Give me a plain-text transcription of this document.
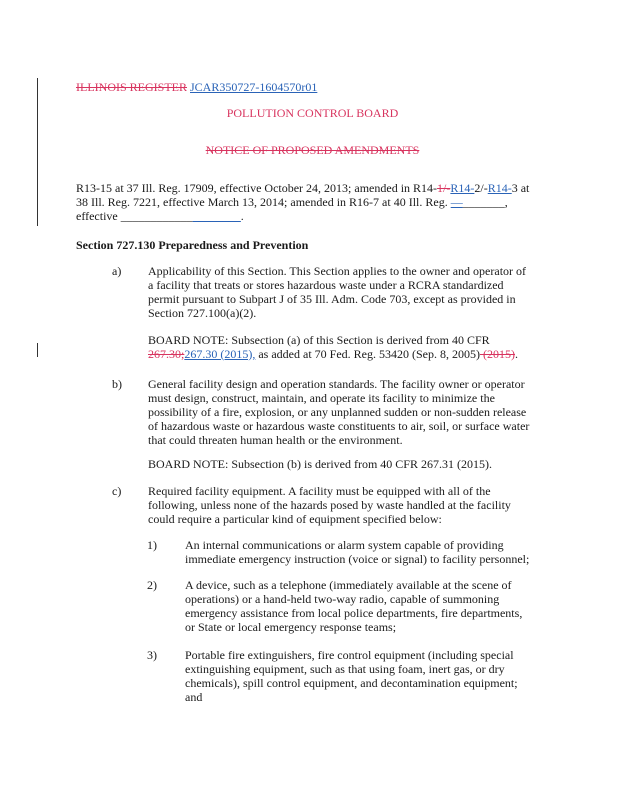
ILLINOIS REGISTER JCAR350727-1604570r01
POLLUTION CONTROL BOARD
NOTICE OF PROPOSED AMENDMENTS

R13-15 at 37 Ill. Reg. 17909, effective October 24, 2013; amended in R14-1/-R14-2/-R14-3 at

38 Ill. Reg. 7221, effective March 13, 2014; amended in R16-7 at 40 Ill. Reg. —_______,

effective ____________________.

Section 727.130 Preparedness and Prevention
a) Applicability of this Section. This Section applies to the owner and operator of a facility that treats or stores hazardous waste under a RCRA standardized permit pursuant to Subpart J of 35 Ill. Adm. Code 703, except as provided in Section 727.100(a)(2).
BOARD NOTE: Subsection (a) of this Section is derived from 40 CFR
267.30;267.30 (2015), as added at 70 Fed. Reg. 53420 (Sep. 8, 2005) (2015).
b) General facility design and operation standards. The facility owner or operator must design, construct, maintain, and operate its facility to minimize the possibility of a fire, explosion, or any unplanned sudden or non-sudden release of hazardous waste or hazardous waste constituents to air, soil, or surface water that could threaten human health or the environment.
BOARD NOTE: Subsection (b) is derived from 40 CFR 267.31 (2015).
c) Required facility equipment. A facility must be equipped with all of the following, unless none of the hazards posed by waste handled at the facility could require a particular kind of equipment specified below:
1) An internal communications or alarm system capable of providing immediate emergency instruction (voice or signal) to facility personnel;
2) A device, such as a telephone (immediately available at the scene of operations) or a hand-held two-way radio, capable of summoning emergency assistance from local police departments, fire departments, or State or local emergency response teams;
3) Portable fire extinguishers, fire control equipment (including special extinguishing equipment, such as that using foam, inert gas, or dry chemicals), spill control equipment, and decontamination equipment; and
